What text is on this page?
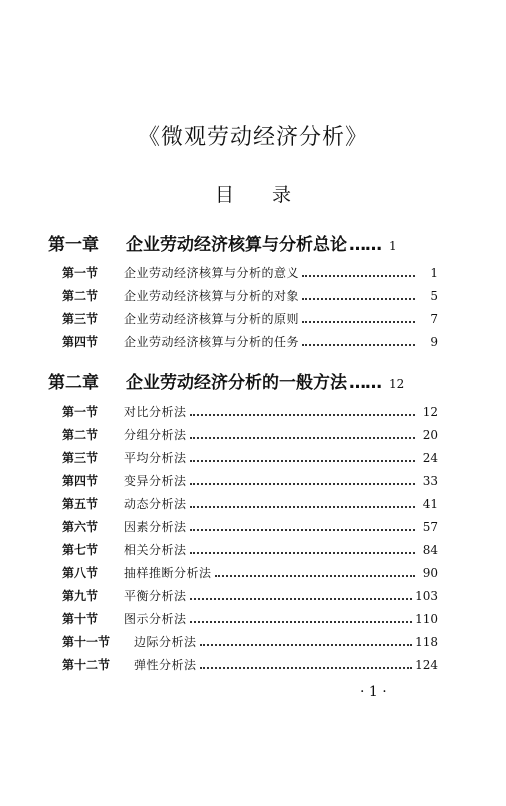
《微观劳动经济分析》
目 录
第一章	企业劳动经济核算与分析总论 …… 1
第一节	企业劳动经济核算与分析的意义	1
第二节	企业劳动经济核算与分析的对象	5
第三节	企业劳动经济核算与分析的原则	7
第四节	企业劳动经济核算与分析的任务	9
第二章	企业劳动经济分析的一般方法 …… 12
第一节	对比分析法	12
第二节	分组分析法	20
第三节	平均分析法	24
第四节	变异分析法	33
第五节	动态分析法	41
第六节	因素分析法	57
第七节	相关分析法	84
第八节	抽样推断分析法	90
第九节	平衡分析法	103
第十节	图示分析法	110
第十一节	边际分析法	118
第十二节	弹性分析法	124
· 1 ·
